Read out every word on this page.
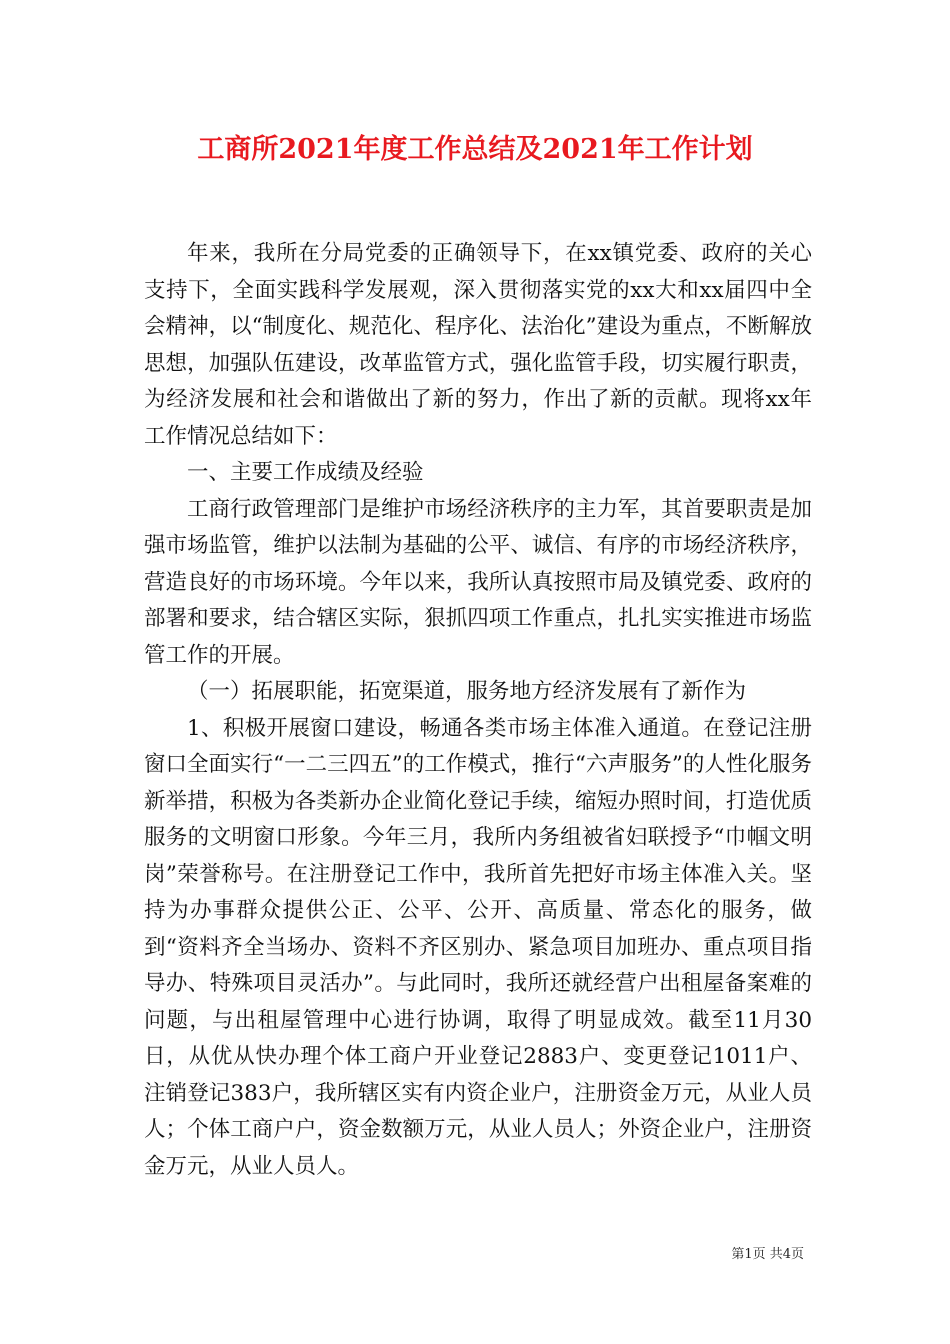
工商所2021年度工作总结及2021年工作计划

年来，我所在分局党委的正确领导下，在xx镇党委、政府的关心支持下，全面实践科学发展观，深入贯彻落实党的xx大和xx届四中全会精神，以“制度化、规范化、程序化、法治化”建设为重点，不断解放思想，加强队伍建设，改革监管方式，强化监管手段，切实履行职责，为经济发展和社会和谐做出了新的努力，作出了新的贡献。现将xx年工作情况总结如下：

一、主要工作成绩及经验

工商行政管理部门是维护市场经济秩序的主力军，其首要职责是加强市场监管，维护以法制为基础的公平、诚信、有序的市场经济秩序，营造良好的市场环境。今年以来，我所认真按照市局及镇党委、政府的部署和要求，结合辖区实际，狠抓四项工作重点，扎扎实实推进市场监管工作的开展。

（一）拓展职能，拓宽渠道，服务地方经济发展有了新作为

1、积极开展窗口建设，畅通各类市场主体准入通道。在登记注册窗口全面实行“一二三四五”的工作模式，推行“六声服务”的人性化服务新举措，积极为各类新办企业简化登记手续，缩短办照时间，打造优质服务的文明窗口形象。今年三月，我所内务组被省妇联授予“巾帼文明岗”荣誉称号。在注册登记工作中，我所首先把好市场主体准入关。坚持为办事群众提供公正、公平、公开、高质量、常态化的服务，做到“资料齐全当场办、资料不齐区别办、紧急项目加班办、重点项目指导办、特殊项目灵活办”。与此同时，我所还就经营户出租屋备案难的问题，与出租屋管理中心进行协调，取得了明显成效。截至11月30日，从优从快办理个体工商户开业登记2883户、变更登记1011户、注销登记383户，我所辖区实有内资企业户，注册资金万元，从业人员人；个体工商户户，资金数额万元，从业人员人；外资企业户，注册资金万元，从业人员人。

第1页 共4页
